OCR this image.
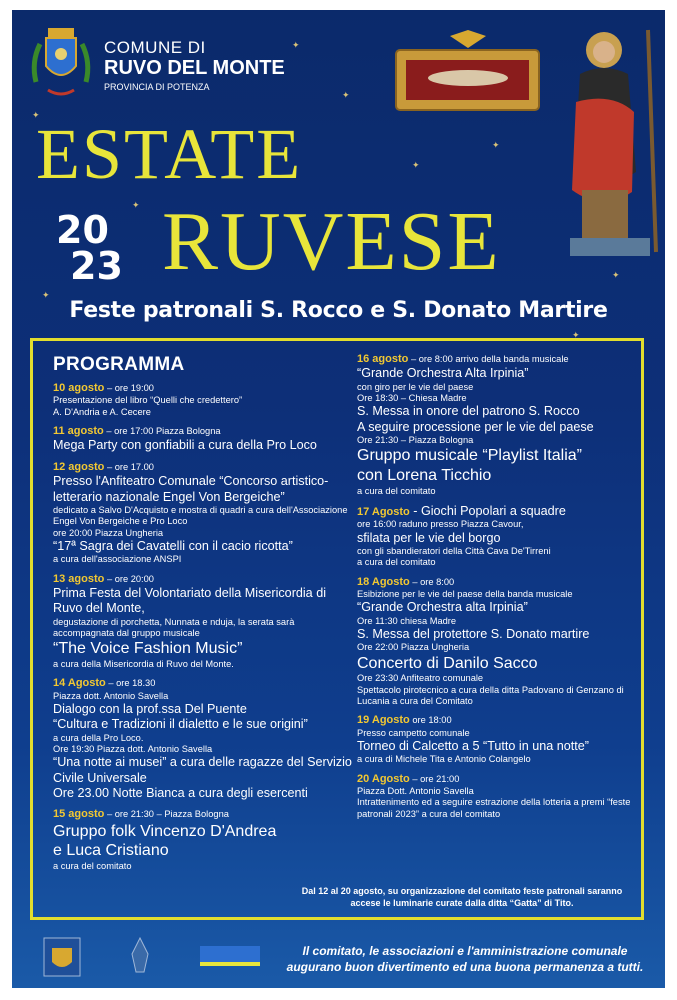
✦
✦
✦
✦
✦
✦
✦
✦
✦
COMUNE DI
RUVO DEL MONTE
PROVINCIA DI POTENZA
ESTATE
20
23 RUVESE
Feste patronali S. Rocco e S. Donato Martire
PROGRAMMA
10 agosto – ore 19:00
Presentazione del libro “Quelli che credettero”
A. D'Andria e A. Cecere
11 agosto – ore 17:00 Piazza Bologna
Mega Party con gonfiabili a cura della Pro Loco
12 agosto – ore 17.00
Presso l'Anfiteatro Comunale “Concorso artistico-letterario nazionale Engel Von Bergeiche”
dedicato a Salvo D'Acquisto e mostra di quadri a cura dell'Associazione Engel Von Bergeiche e Pro Loco
ore 20:00 Piazza Ungheria
“17ª Sagra dei Cavatelli con il cacio ricotta”
a cura dell'associazione ANSPI
13 agosto – ore 20:00
Prima Festa del Volontariato della Misericordia di Ruvo del Monte,
degustazione di porchetta, Nunnata e nduja, la serata sarà accompagnata dal gruppo musicale
“The Voice Fashion Music”
a cura della Misericordia di Ruvo del Monte.
14 Agosto – ore 18.30
Piazza dott. Antonio Savella
Dialogo con la prof.ssa Del Puente
“Cultura e Tradizioni il dialetto e le sue origini”
a cura della Pro Loco.
Ore 19:30 Piazza dott. Antonio Savella
“Una notte ai musei” a cura delle ragazze del Servizio Civile Universale
Ore 23.00 Notte Bianca a cura degli esercenti
15 agosto – ore 21:30 – Piazza Bologna
Gruppo folk Vincenzo D'Andrea
e Luca Cristiano
a cura del comitato
16 agosto – ore 8:00 arrivo della banda musicale
“Grande Orchestra Alta Irpinia”
con giro per le vie del paese
Ore 18:30 – Chiesa Madre
S. Messa in onore del patrono S. Rocco
A seguire processione per le vie del paese
Ore 21:30 – Piazza Bologna
Gruppo musicale “Playlist Italia”
con Lorena Ticchio
a cura del comitato
17 Agosto - Giochi Popolari a squadre
ore 16:00 raduno presso Piazza Cavour,
sfilata per le vie del borgo
con gli sbandieratori della Città Cava De'Tirreni
a cura del comitato
18 Agosto – ore 8:00
Esibizione per le vie del paese della banda musicale
“Grande Orchestra alta Irpinia”
Ore 11:30 chiesa Madre
S. Messa del protettore S. Donato martire
Ore 22:00 Piazza Ungheria
Concerto di Danilo Sacco
Ore 23:30 Anfiteatro comunale
Spettacolo pirotecnico a cura della ditta Padovano di Genzano di Lucania a cura del Comitato
19 Agosto ore 18:00
Presso campetto comunale
Torneo di Calcetto a 5 “Tutto in una notte”
a cura di Michele Tita e Antonio Colangelo
20 Agosto – ore 21:00
Piazza Dott. Antonio Savella
Intrattenimento ed a seguire estrazione della lotteria a premi “feste patronali 2023” a cura del comitato
Dal 12 al 20 agosto, su organizzazione del comitato feste patronali saranno accese le luminarie curate dalla ditta “Gatta” di Tito.
Il comitato, le associazioni e l'amministrazione comunale
augurano buon divertimento ed una buona permanenza a tutti.
